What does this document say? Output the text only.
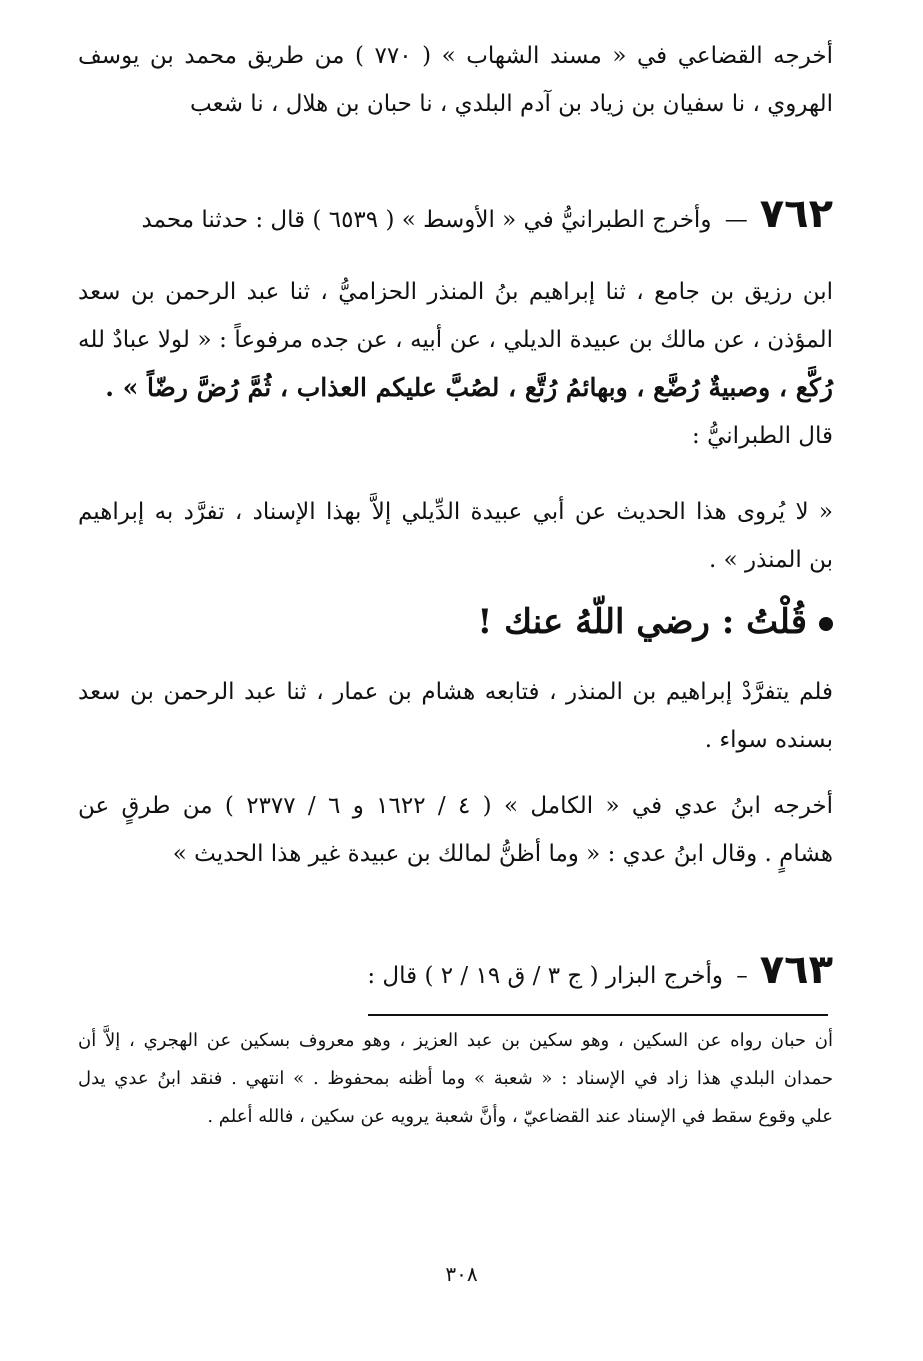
أخرجه القضاعي في « مسند الشهاب » ( ٧٧٠ ) من طريق محمد بن يوسف
الهروي ، نا سفيان بن زياد بن آدم البلدي ، نا حبان بن هلال ، نا شعب
٧٦٢— وأخرج الطبرانيُّ في « الأوسط » ( ٦٥٣٩ ) قال : حدثنا محمد
ابن رزيق بن جامع ، ثنا إبراهيم بنُ المنذر الحزاميُّ ، ثنا عبد الرحمن بن سعد
المؤذن ، عن مالك بن عبيدة الديلي ، عن أبيه ، عن جده مرفوعاً : « لولا عبادٌ لله
رُكَّع ، وصبيةٌ رُضَّع ، وبهائمُ رُتَّع ، لصُبَّ عليكم العذاب ، ثُمَّ رُضَّ رضّاً » .
قال الطبرانيُّ :
« لا يُروى هذا الحديث عن أبي عبيدة الدِّيلي إلاَّ بهذا الإسناد ، تفرَّد به إبراهيم
بن المنذر » .
قُلْتُ : رضي اللّهُ عنك !
فلم يتفرَّدْ إبراهيم بن المنذر ، فتابعه هشام بن عمار ، ثنا عبد الرحمن بن سعد
بسنده سواء .
أخرجه ابنُ عدي في « الكامل » ( ٤ / ١٦٢٢ و ٦ / ٢٣٧٧ ) من طرقٍ عن
هشامٍ . وقال ابنُ عدي : « وما أظنُّ لمالك بن عبيدة غير هذا الحديث »
٧٦٣– وأخرج البزار ( ج ٣ / ق ١٩ / ٢ ) قال :
أن حبان رواه عن السكين ، وهو سكين بن عبد العزيز ، وهو معروف بسكين عن الهجري ، إلاَّ أن
حمدان البلدي هذا زاد في الإسناد : « شعبة » وما أظنه بمحفوظ . » انتهي . فنقد ابنُ عدي يدل
علي وقوع سقط في الإسناد عند القضاعيّ ، وأنَّ شعبة يرويه عن سكين ، فالله أعلم .
٣٠٨
